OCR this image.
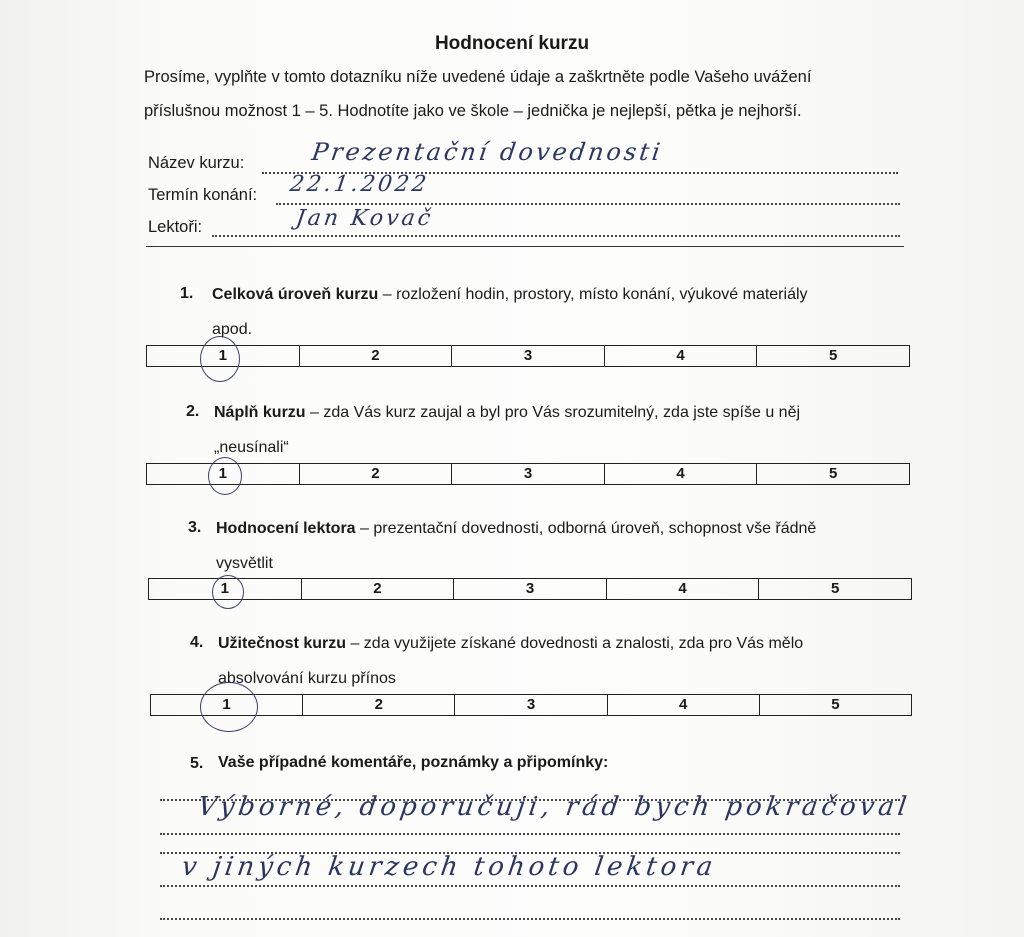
Hodnocení kurzu
Prosíme, vyplňte v tomto dotazníku níže uvedené údaje a zaškrtněte podle Vašeho uvážení
příslušnou možnost 1 – 5. Hodnotíte jako ve škole – jednička je nejlepší, pětka je nejhorší.
Název kurzu:	Prezentační dovednosti
Termín konání: 22.1.2022
Lektoři:	Jan Kovač
1. Celková úroveň kurzu – rozložení hodin, prostory, místo konání, výukové materiály
apod.
1	2	3	4	5
2. Náplň kurzu – zda Vás kurz zaujal a byl pro Vás srozumitelný, zda jste spíše u něj
„neusínali“
1	2	3	4	5
3. Hodnocení lektora – prezentační dovednosti, odborná úroveň, schopnost vše řádně
vysvětlit
1	2	3	4	5
4. Užitečnost kurzu – zda využijete získané dovednosti a znalosti, zda pro Vás mělo
absolvování kurzu přínos
1	2	3	4	5
5. Vaše případné komentáře, poznámky a připomínky:
Výborné, doporučuji, rád bych pokračoval
v jiných kurzech tohoto lektora
